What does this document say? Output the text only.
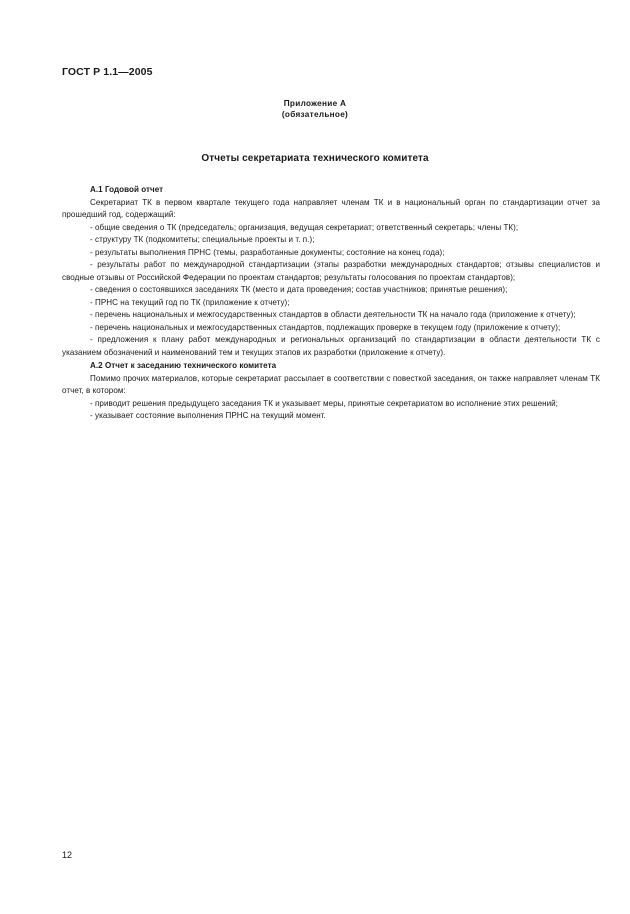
ГОСТ Р 1.1—2005
Приложение А
(обязательное)
Отчеты секретариата технического комитета

А.1 Годовой отчет

Секретариат ТК в первом квартале текущего года направляет членам ТК и в национальный орган по стандартизации отчет за прошедший год, содержащий:

- общие сведения о ТК (председатель; организация, ведущая секретариат; ответственный секретарь; члены ТК);

- структуру ТК (подкомитеты; специальные проекты и т. п.);

- результаты выполнения ПРНС (темы, разработанные документы; состояние на конец года);

- результаты работ по международной стандартизации (этапы разработки международных стандартов; отзывы специалистов и сводные отзывы от Российской Федерации по проектам стандартов; результаты голосования по проектам стандартов);

- сведения о состоявшихся заседаниях ТК (место и дата проведения; состав участников; принятые решения);

- ПРНС на текущий год по ТК (приложение к отчету);

- перечень национальных и межгосударственных стандартов в области деятельности ТК на начало года (приложение к отчету);

- перечень национальных и межгосударственных стандартов, подлежащих проверке в текущем году (приложение к отчету);

- предложения к плану работ международных и региональных организаций по стандартизации в области деятельности ТК с указанием обозначений и наименований тем и текущих этапов их разработки (приложение к отчету).

А.2 Отчет к заседанию технического комитета

Помимо прочих материалов, которые секретариат рассылает в соответствии с повесткой заседания, он также направляет членам ТК отчет, в котором:

- приводит решения предыдущего заседания ТК и указывает меры, принятые секретариатом во исполнение этих решений;

- указывает состояние выполнения ПРНС на текущий момент.

12
